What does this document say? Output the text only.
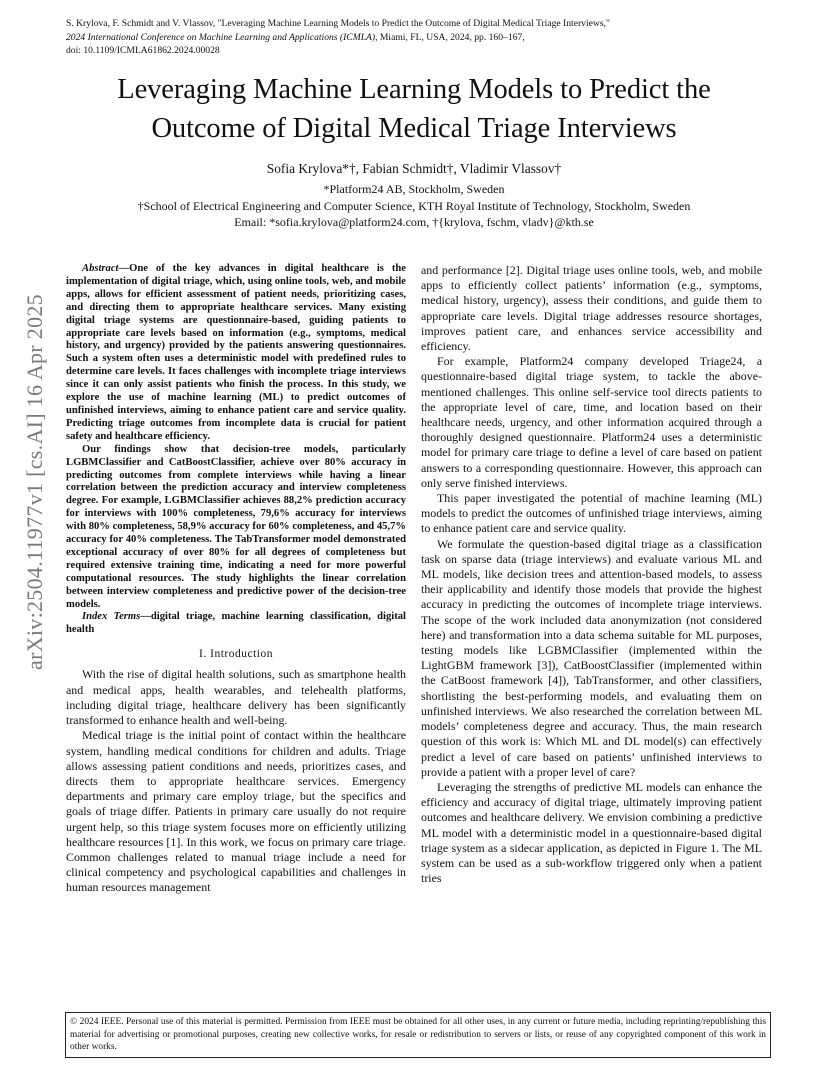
S. Krylova, F. Schmidt and V. Vlassov, "Leveraging Machine Learning Models to Predict the Outcome of Digital Medical Triage Interviews,"
2024 International Conference on Machine Learning and Applications (ICMLA), Miami, FL, USA, 2024, pp. 160–167,
doi: 10.1109/ICMLA61862.2024.00028
Leveraging Machine Learning Models to Predict the
Outcome of Digital Medical Triage Interviews
Sofia Krylova*†, Fabian Schmidt†, Vladimir Vlassov†
*Platform24 AB, Stockholm, Sweden
†School of Electrical Engineering and Computer Science, KTH Royal Institute of Technology, Stockholm, Sweden
Email: *sofia.krylova@platform24.com, †{krylova, fschm, vladv}@kth.se
arXiv:2504.11977v1 [cs.AI] 16 Apr 2025

Abstract—One of the key advances in digital healthcare is the implementation of digital triage, which, using online tools, web, and mobile apps, allows for efficient assessment of patient needs, prioritizing cases, and directing them to appropriate healthcare services. Many existing digital triage systems are questionnaire-based, guiding patients to appropriate care levels based on information (e.g., symptoms, medical history, and urgency) provided by the patients answering questionnaires. Such a system often uses a deterministic model with predefined rules to determine care levels. It faces challenges with incomplete triage interviews since it can only assist patients who finish the process. In this study, we explore the use of machine learning (ML) to predict outcomes of unfinished interviews, aiming to enhance patient care and service quality. Predicting triage outcomes from incomplete data is crucial for patient safety and healthcare efficiency.

Our findings show that decision-tree models, particularly LGBMClassifier and CatBoostClassifier, achieve over 80% accuracy in predicting outcomes from complete interviews while having a linear correlation between the prediction accuracy and interview completeness degree. For example, LGBMClassifier achieves 88,2% prediction accuracy for interviews with 100% completeness, 79,6% accuracy for interviews with 80% completeness, 58,9% accuracy for 60% completeness, and 45,7% accuracy for 40% completeness. The TabTransformer model demonstrated exceptional accuracy of over 80% for all degrees of completeness but required extensive training time, indicating a need for more powerful computational resources. The study highlights the linear correlation between interview completeness and predictive power of the decision-tree models.

Index Terms—digital triage, machine learning classification, digital health

I. Introduction

With the rise of digital health solutions, such as smartphone health and medical apps, health wearables, and telehealth platforms, including digital triage, healthcare delivery has been significantly transformed to enhance health and well-being.

Medical triage is the initial point of contact within the healthcare system, handling medical conditions for children and adults. Triage allows assessing patient conditions and needs, prioritizes cases, and directs them to appropriate healthcare services. Emergency departments and primary care employ triage, but the specifics and goals of triage differ. Patients in primary care usually do not require urgent help, so this triage system focuses more on efficiently utilizing healthcare resources [1]. In this work, we focus on primary care triage. Common challenges related to manual triage include a need for clinical competency and psychological capabilities and challenges in human resources management

and performance [2]. Digital triage uses online tools, web, and mobile apps to efficiently collect patients’ information (e.g., symptoms, medical history, urgency), assess their conditions, and guide them to appropriate care levels. Digital triage addresses resource shortages, improves patient care, and enhances service accessibility and efficiency.

For example, Platform24 company developed Triage24, a questionnaire-based digital triage system, to tackle the above-mentioned challenges. This online self-service tool directs patients to the appropriate level of care, time, and location based on their healthcare needs, urgency, and other information acquired through a thoroughly designed questionnaire. Platform24 uses a deterministic model for primary care triage to define a level of care based on patient answers to a corresponding questionnaire. However, this approach can only serve finished interviews.

This paper investigated the potential of machine learning (ML) models to predict the outcomes of unfinished triage interviews, aiming to enhance patient care and service quality.

We formulate the question-based digital triage as a classification task on sparse data (triage interviews) and evaluate various ML and ML models, like decision trees and attention-based models, to assess their applicability and identify those models that provide the highest accuracy in predicting the outcomes of incomplete triage interviews. The scope of the work included data anonymization (not considered here) and transformation into a data schema suitable for ML purposes, testing models like LGBMClassifier (implemented within the LightGBM framework [3]), CatBoostClassifier (implemented within the CatBoost framework [4]), TabTransformer, and other classifiers, shortlisting the best-performing models, and evaluating them on unfinished interviews. We also researched the correlation between ML models’ completeness degree and accuracy. Thus, the main research question of this work is: Which ML and DL model(s) can effectively predict a level of care based on patients’ unfinished interviews to provide a patient with a proper level of care?

Leveraging the strengths of predictive ML models can enhance the efficiency and accuracy of digital triage, ultimately improving patient outcomes and healthcare delivery. We envision combining a predictive ML model with a deterministic model in a questionnaire-based digital triage system as a sidecar application, as depicted in Figure 1. The ML system can be used as a sub-workflow triggered only when a patient tries

© 2024 IEEE. Personal use of this material is permitted. Permission from IEEE must be obtained for all other uses, in any current or future media, including reprinting/republishing this material for advertising or promotional purposes, creating new collective works, for resale or redistribution to servers or lists, or reuse of any copyrighted component of this work in other works.
